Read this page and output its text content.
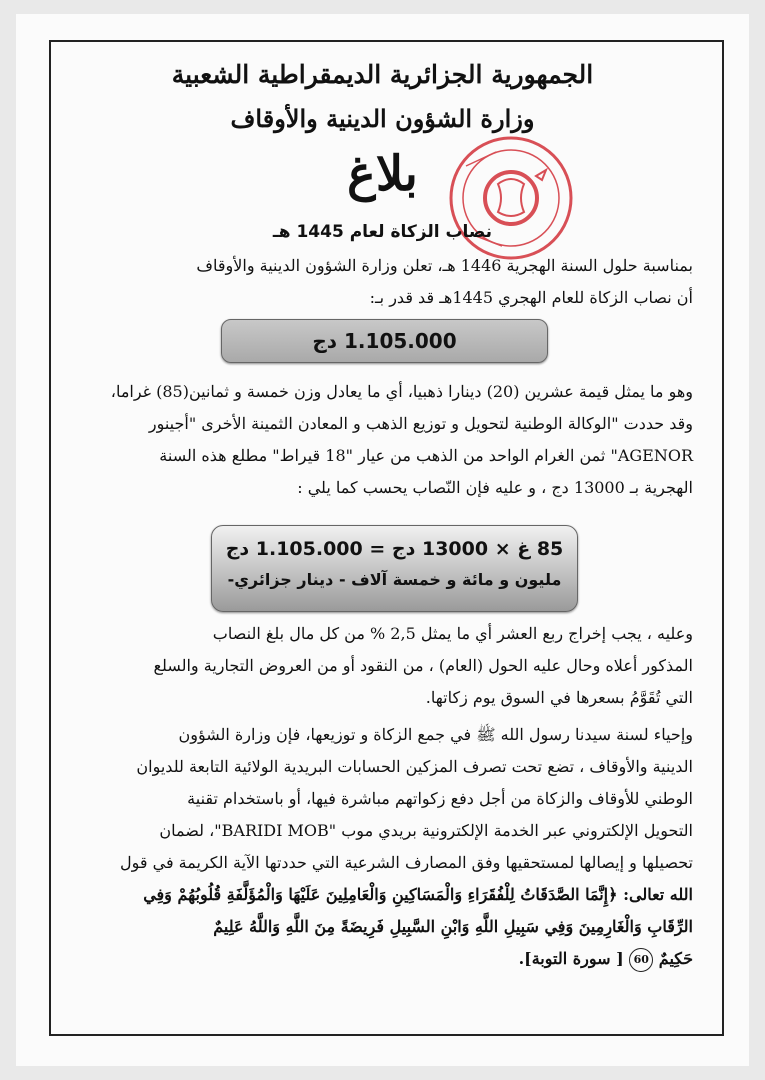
الجمهورية الجزائرية الديمقراطية الشعبية
وزارة الشؤون الدينية والأوقاف
بلاغ
نصاب الزكاة لعام 1445 هـ
بمناسبة حلول السنة الهجرية 1446 هـ، تعلن وزارة الشؤون الدينية والأوقاف
أن نصاب الزكاة للعام الهجري 1445هـ قد قدر بـ:
1.105.000 دج
وهو ما يمثل قيمة عشرين (20) دينارا ذهبيا، أي ما يعادل وزن خمسة و ثمانين(85) غراما،
وقد حددت "الوكالة الوطنية لتحويل و توزيع الذهب و المعادن الثمينة الأخرى "أجينور
AGENOR" ثمن الغرام الواحد من الذهب من عيار "18 قيراط" مطلع هذه السنة
الهجرية بـ 13000 دج ، و عليه فإن النّصاب يحسب كما يلي :
85 غ × 13000 دج = 1.105.000 دج
مليون و مائة و خمسة آلاف - دينار جزائري-
وعليه ، يجب إخراج ربع العشر أي ما يمثل 2,5 % من كل مال بلغ النصاب
المذكور أعلاه وحال عليه الحول (العام) ، من النقود أو من العروض التجارية والسلع
التي تُقَوَّمُ بسعرها في السوق يوم زكاتها.
وإحياء لسنة سيدنا رسول الله ﷺ في جمع الزكاة و توزيعها، فإن وزارة الشؤون
الدينية والأوقاف ، تضع تحت تصرف المزكين الحسابات البريدية الولائية التابعة للديوان
الوطني للأوقاف والزكاة من أجل دفع زكواتهم مباشرة فيها، أو باستخدام تقنية
التحويل الإلكتروني عبر الخدمة الإلكترونية بريدي موب "BARIDI MOB"، لضمان
تحصيلها و إيصالها لمستحقيها وفق المصارف الشرعية التي حددتها الآية الكريمة في قول
الله تعالى: ﴿إِنَّمَا الصَّدَقَاتُ لِلْفُقَرَاءِ وَالْمَسَاكِينِ وَالْعَامِلِينَ عَلَيْهَا وَالْمُؤَلَّفَةِ قُلُوبُهُمْ وَفِي
الرِّقَابِ وَالْغَارِمِينَ وَفِي سَبِيلِ اللَّهِ وَابْنِ السَّبِيلِ فَرِيضَةً مِنَ اللَّهِ وَاللَّهُ عَلِيمٌ
حَكِيمٌ 60 [ سورة التوبة].
